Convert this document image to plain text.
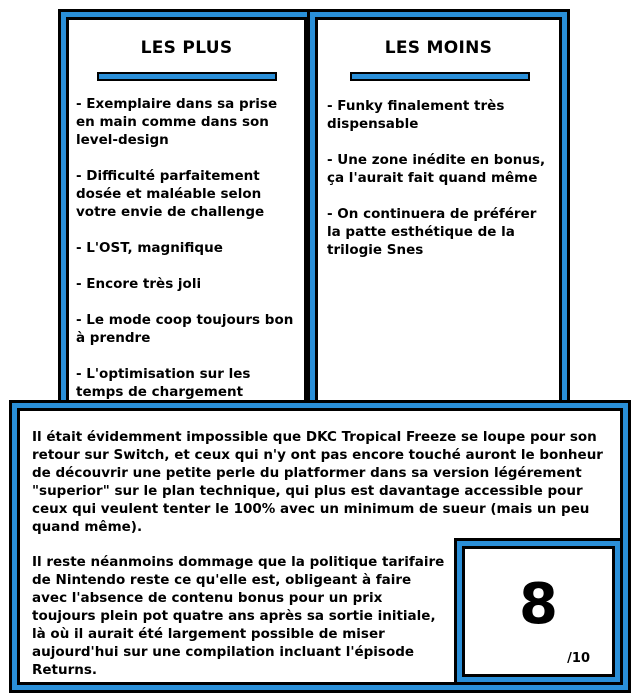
LES PLUS
- Exemplaire dans sa prise en main comme dans son level-design
- Difficulté parfaitement dosée et maléable selon votre envie de challenge
- L'OST, magnifique
- Encore très joli
- Le mode coop toujours bon à prendre
- L'optimisation sur les temps de chargement
LES MOINS
- Funky finalement très dispensable
- Une zone inédite en bonus, ça l'aurait fait quand même
- On continuera de préférer la patte esthétique de la trilogie Snes

Il était évidemment impossible que DKC Tropical Freeze se loupe pour son retour sur Switch, et ceux qui n'y ont pas encore touché auront le bonheur de découvrir une petite perle du platformer dans sa version légérement "superior" sur le plan technique, qui plus est davantage accessible pour ceux qui veulent tenter le 100% avec un minimum de sueur (mais un peu quand même).

Il reste néanmoins dommage que la politique tarifaire de Nintendo reste ce qu'elle est, obligeant à faire avec l'absence de contenu bonus pour un prix toujours plein pot quatre ans après sa sortie initiale, là où il aurait été largement possible de miser aujourd'hui sur une compilation incluant l'épisode Returns.

8
/10
